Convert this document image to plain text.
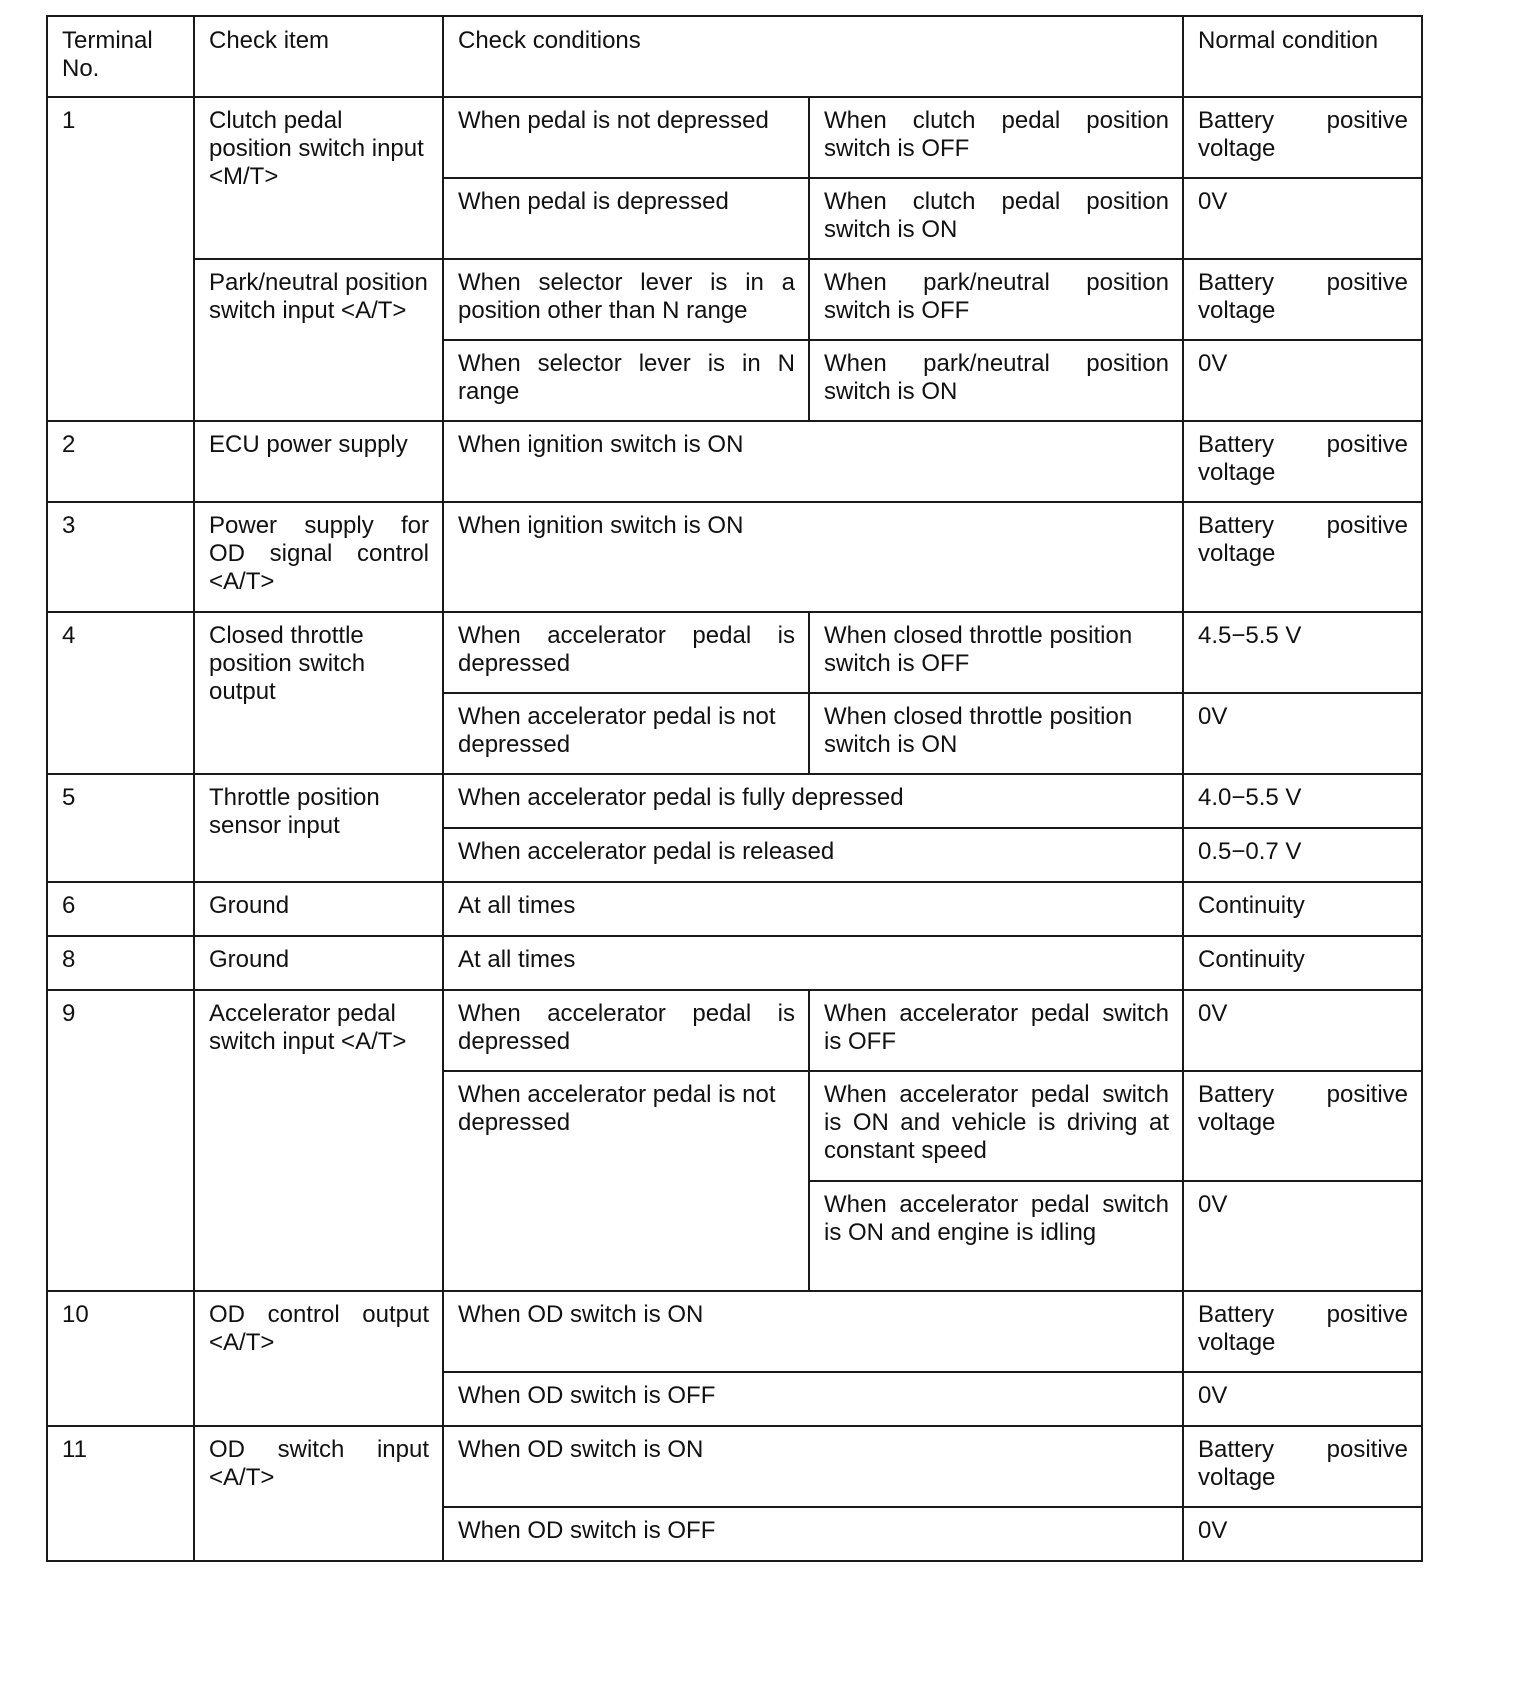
Terminal No.	Check item	Check conditions		Normal condition
1	Clutch pedal position switch input <M/T>	When pedal is not depressed	When clutch pedal position switch is OFF	Battery positive voltage
		When pedal is depressed	When clutch pedal position switch is ON	0V
	Park/neutral position switch input <A/T>	When selector lever is in a position other than N range	When park/neutral position switch is OFF	Battery positive voltage
		When selector lever is in N range	When park/neutral position switch is ON	0V
2	ECU power supply	When ignition switch is ON		Battery positive voltage
3	Power supply for OD signal control <A/T>	When ignition switch is ON		Battery positive voltage
4	Closed throttle position switch output	When accelerator pedal is depressed	When closed throttle position switch is OFF	4.5−5.5 V
		When accelerator pedal is not depressed	When closed throttle position switch is ON	0V
5	Throttle position sensor input	When accelerator pedal is fully depressed		4.0−5.5 V
		When accelerator pedal is released		0.5−0.7 V
6	Ground	At all times		Continuity
8	Ground	At all times		Continuity
9	Accelerator pedal switch input <A/T>	When accelerator pedal is depressed	When accelerator pedal switch is OFF	0V
		When accelerator pedal is not depressed	When accelerator pedal switch is ON and vehicle is driving at constant speed	Battery positive voltage
			When accelerator pedal switch is ON and engine is idling	0V
10	OD control output <A/T>	When OD switch is ON		Battery positive voltage
		When OD switch is OFF		0V
11	OD switch input <A/T>	When OD switch is ON		Battery positive voltage
		When OD switch is OFF		0V
